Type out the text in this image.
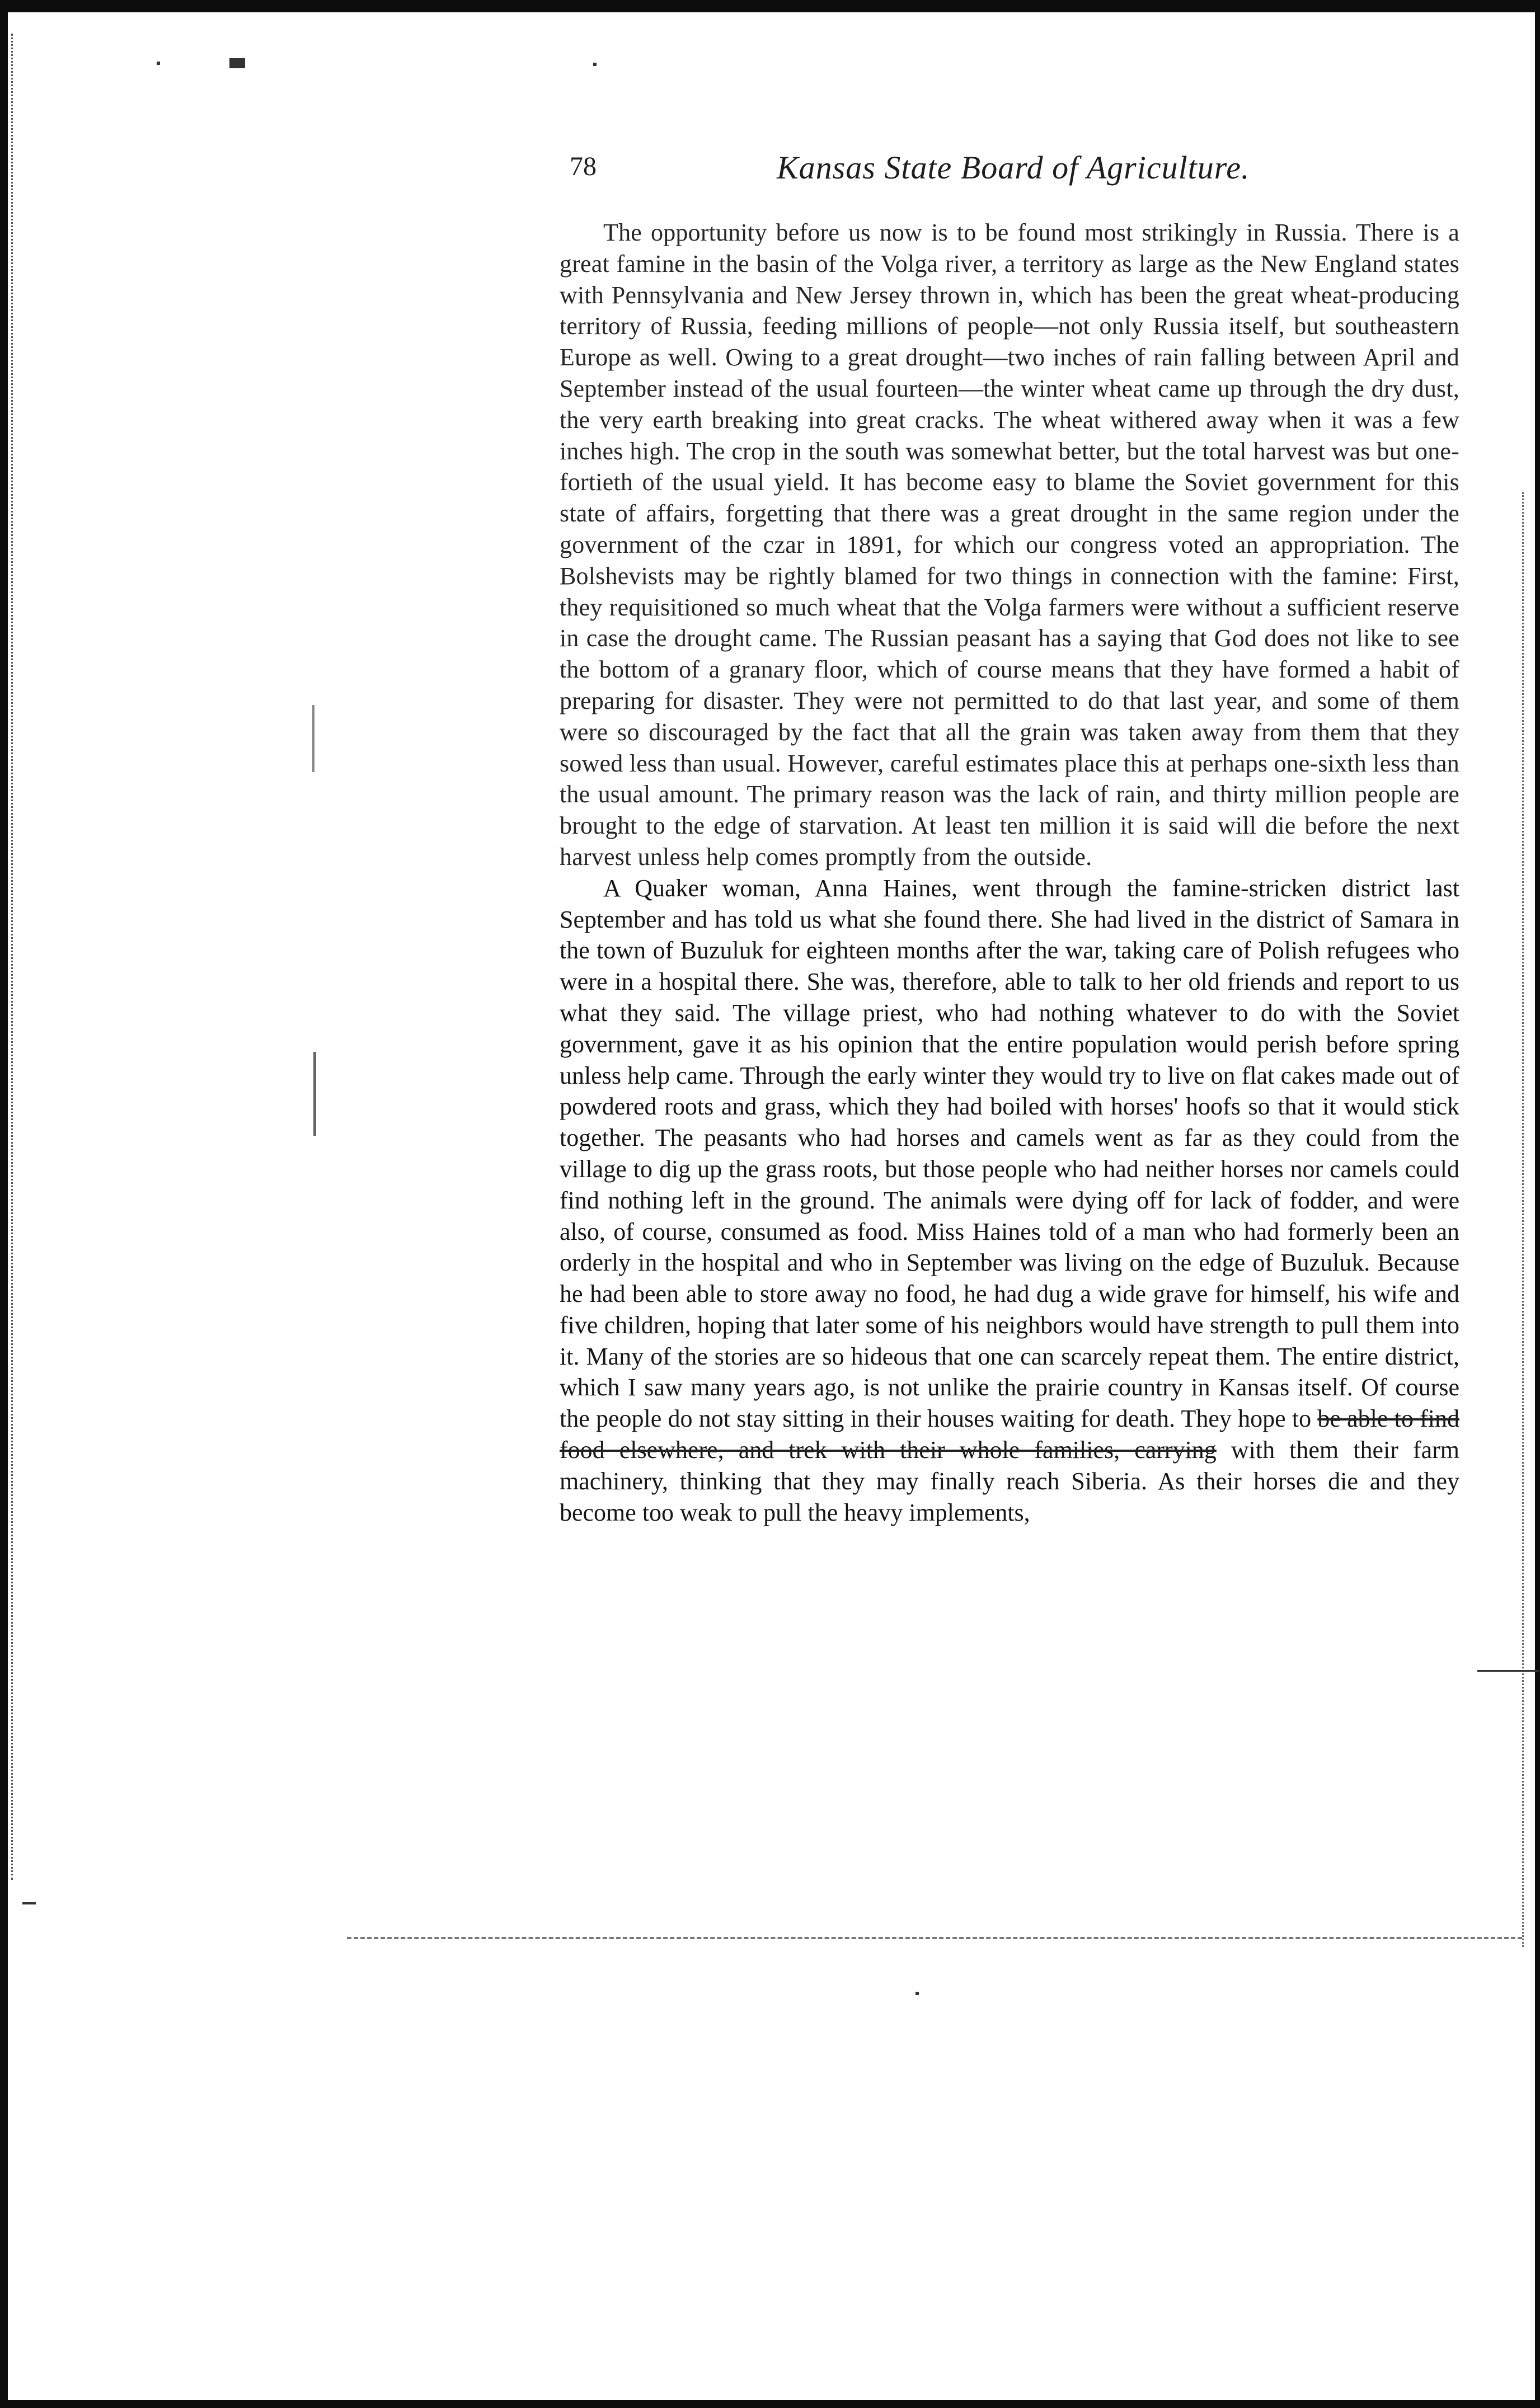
78	Kansas State Board of Agriculture.

The opportunity before us now is to be found most strikingly in Russia. There is a great famine in the basin of the Volga river, a territory as large as the New England states with Pennsylvania and New Jersey thrown in, which has been the great wheat-producing territory of Russia, feeding millions of people—not only Russia itself, but southeastern Europe as well. Owing to a great drought—two inches of rain falling between April and September instead of the usual fourteen—the winter wheat came up through the dry dust, the very earth breaking into great cracks. The wheat withered away when it was a few inches high. The crop in the south was somewhat better, but the total harvest was but one-fortieth of the usual yield. It has become easy to blame the Soviet government for this state of affairs, forgetting that there was a great drought in the same region under the government of the czar in 1891, for which our congress voted an appropriation. The Bolshevists may be rightly blamed for two things in connection with the famine: First, they requisitioned so much wheat that the Volga farmers were without a sufficient reserve in case the drought came. The Russian peasant has a saying that God does not like to see the bottom of a granary floor, which of course means that they have formed a habit of preparing for disaster. They were not permitted to do that last year, and some of them were so discouraged by the fact that all the grain was taken away from them that they sowed less than usual. However, careful estimates place this at perhaps one-sixth less than the usual amount. The primary reason was the lack of rain, and thirty million people are brought to the edge of starvation. At least ten million it is said will die before the next harvest unless help comes promptly from the outside.

A Quaker woman, Anna Haines, went through the famine-stricken district last September and has told us what she found there. She had lived in the district of Samara in the town of Buzuluk for eighteen months after the war, taking care of Polish refugees who were in a hospital there. She was, therefore, able to talk to her old friends and report to us what they said. The village priest, who had nothing whatever to do with the Soviet government, gave it as his opinion that the entire population would perish before spring unless help came. Through the early winter they would try to live on flat cakes made out of powdered roots and grass, which they had boiled with horses' hoofs so that it would stick together. The peasants who had horses and camels went as far as they could from the village to dig up the grass roots, but those people who had neither horses nor camels could find nothing left in the ground. The animals were dying off for lack of fodder, and were also, of course, consumed as food. Miss Haines told of a man who had formerly been an orderly in the hospital and who in September was living on the edge of Buzuluk. Because he had been able to store away no food, he had dug a wide grave for himself, his wife and five children, hoping that later some of his neighbors would have strength to pull them into it. Many of the stories are so hideous that one can scarcely repeat them. The entire district, which I saw many years ago, is not unlike the prairie country in Kansas itself. Of course the people do not stay sitting in their houses waiting for death. They hope to be able to find food elsewhere, and trek with their whole families, carrying with them their farm machinery, thinking that they may finally reach Siberia. As their horses die and they become too weak to pull the heavy implements,
